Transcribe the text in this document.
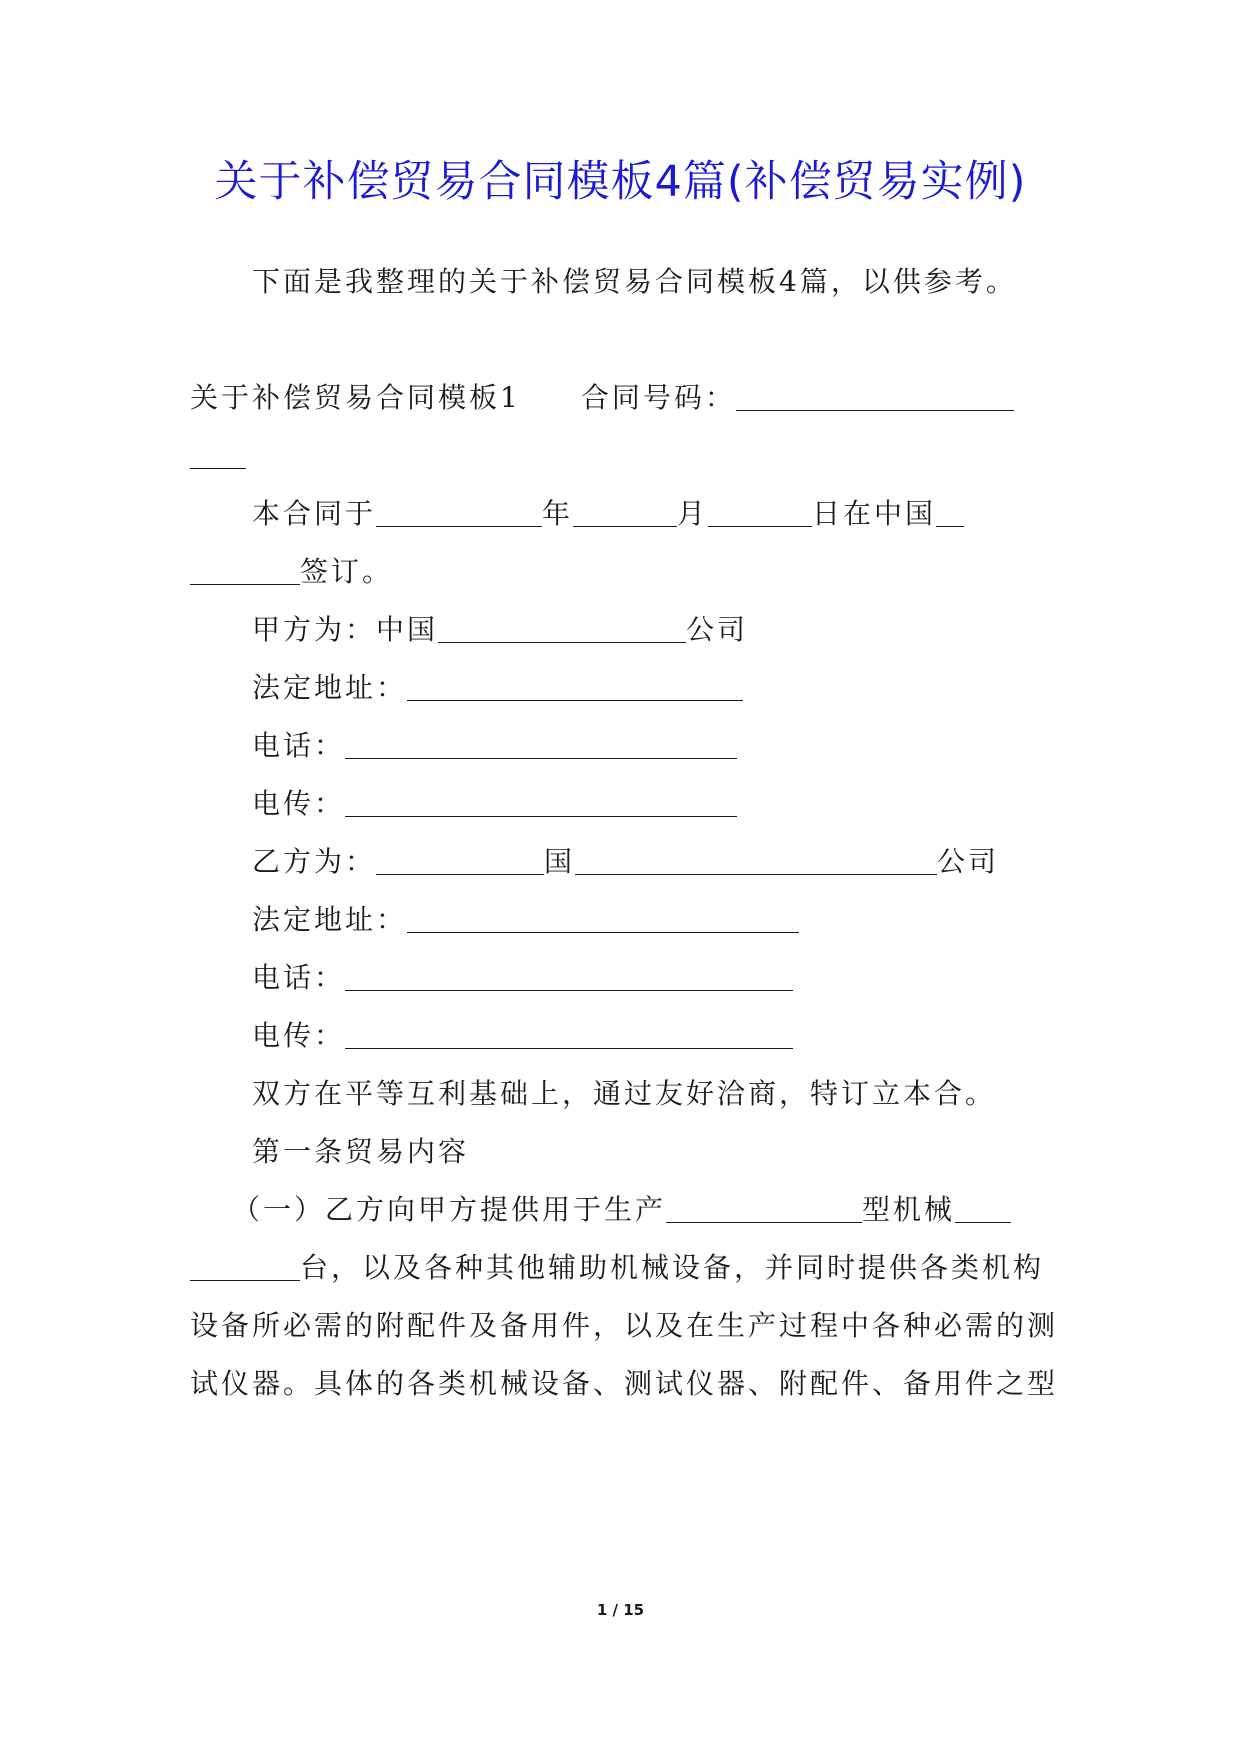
关于补偿贸易合同模板4篇(补偿贸易实例)
下面是我整理的关于补偿贸易合同模板4篇，以供参考。
关于补偿贸易合同模板1 合同号码：
本合同于	年	月	日在中国
签订。
甲方为：中国	公司
法定地址：
电话：
电传：
乙方为：	国	公司
法定地址：
电话：
电传：
双方在平等互利基础上，通过友好洽商，特订立本合。
第一条贸易内容
（一）乙方向甲方提供用于生产	型机械
台，以及各种其他辅助机械设备，并同时提供各类机构
设备所必需的附配件及备用件，以及在生产过程中各种必需的测
试仪器。具体的各类机械设备、测试仪器、附配件、备用件之型
1 / 15
